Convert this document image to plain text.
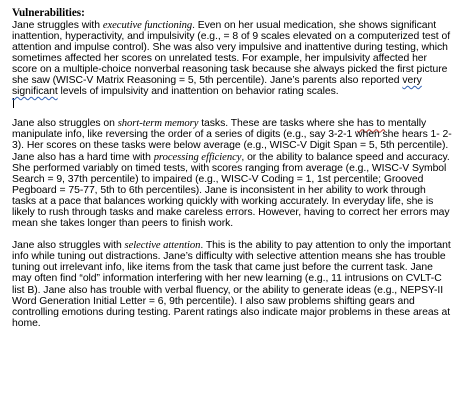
Vulnerabilities:

Jane struggles with executive functioning. Even on her usual medication, she shows significant inattention, hyperactivity, and impulsivity (e.g., = 8 of 9 scales elevated on a computerized test of attention and impulse control). She was also very impulsive and inattentive during testing, which sometimes affected her scores on unrelated tests. For example, her impulsivity affected her score on a multiple-choice nonverbal reasoning task because she always picked the first picture she saw (WISC-V Matrix Reasoning = 5, 5th percentile). Jane’s parents also reported very significant levels of impulsivity and inattention on behavior rating scales.

Jane also struggles on short-term memory tasks. These are tasks where she has to mentally manipulate info, like reversing the order of a series of digits (e.g., say 3-2-1 when she hears 1- 2-3). Her scores on these tasks were below average (e.g., WISC-V Digit Span = 5, 5th percentile). Jane also has a hard time with processing efficiency, or the ability to balance speed and accuracy. She performed variably on timed tests, with scores ranging from average (e.g., WISC-V Symbol Search = 9, 37th percentile) to impaired (e.g., WISC-V Coding = 1, 1st percentile; Grooved Pegboard = 75-77, 5th to 6th percentiles). Jane is inconsistent in her ability to work through tasks at a pace that balances working quickly with working accurately. In everyday life, she is likely to rush through tasks and make careless errors. However, having to correct her errors may mean she takes longer than peers to finish work.

Jane also struggles with selective attention. This is the ability to pay attention to only the important info while tuning out distractions. Jane’s difficulty with selective attention means she has trouble tuning out irrelevant info, like items from the task that came just before the current task. Jane may often find “old” information interfering with her new learning (e.g., 11 intrusions on CVLT-C list B). Jane also has trouble with verbal fluency, or the ability to generate ideas (e.g., NEPSY-II Word Generation Initial Letter = 6, 9th percentile). I also saw problems shifting gears and controlling emotions during testing. Parent ratings also indicate major problems in these areas at home.
